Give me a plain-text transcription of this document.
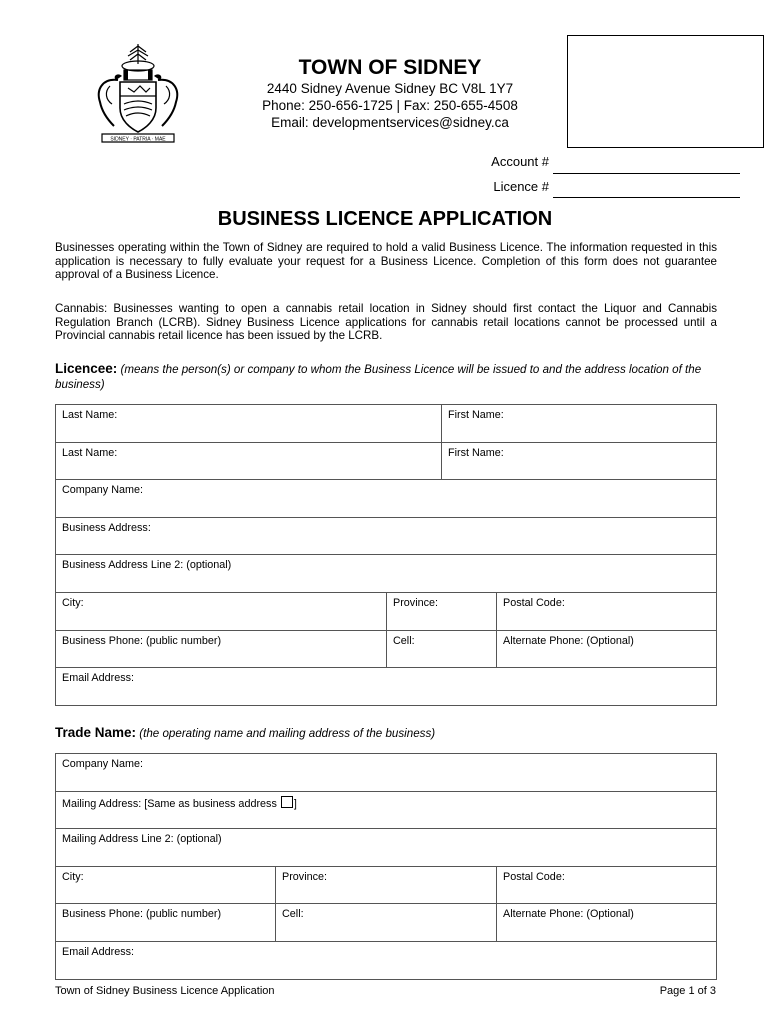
SIDNEY · PATRIA · MAE
TOWN OF SIDNEY
2440 Sidney Avenue Sidney BC V8L 1Y7
Phone: 250-656-1725 | Fax: 250-655-4508
Email: developmentservices@sidney.ca
Account #
Licence #
BUSINESS LICENCE APPLICATION
Businesses operating within the Town of Sidney are required to hold a valid Business Licence. The information requested in this application is necessary to fully evaluate your request for a Business Licence. Completion of this form does not guarantee approval of a Business Licence.
Cannabis: Businesses wanting to open a cannabis retail location in Sidney should first contact the Liquor and Cannabis Regulation Branch (LCRB). Sidney Business Licence applications for cannabis retail locations cannot be processed until a Provincial cannabis retail licence has been issued by the LCRB.
Licencee: (means the person(s) or company to whom the Business Licence will be issued to and the address location of the business)
Last Name:		First Name:	
Last Name:		First Name:	
Company Name:			
Business Address:			
Business Address Line 2: (optional)			
City:	Province:		Postal Code:
Business Phone: (public number)	Cell:		Alternate Phone: (Optional)
Email Address:			
Trade Name: (the operating name and mailing address of the business)
Company Name:		
Mailing Address: [Same as business address ]		
Mailing Address Line 2: (optional)		
City:	Province:	Postal Code:
Business Phone: (public number)	Cell:	Alternate Phone: (Optional)
Email Address:		
Town of Sidney Business Licence Application	Page 1 of 3
